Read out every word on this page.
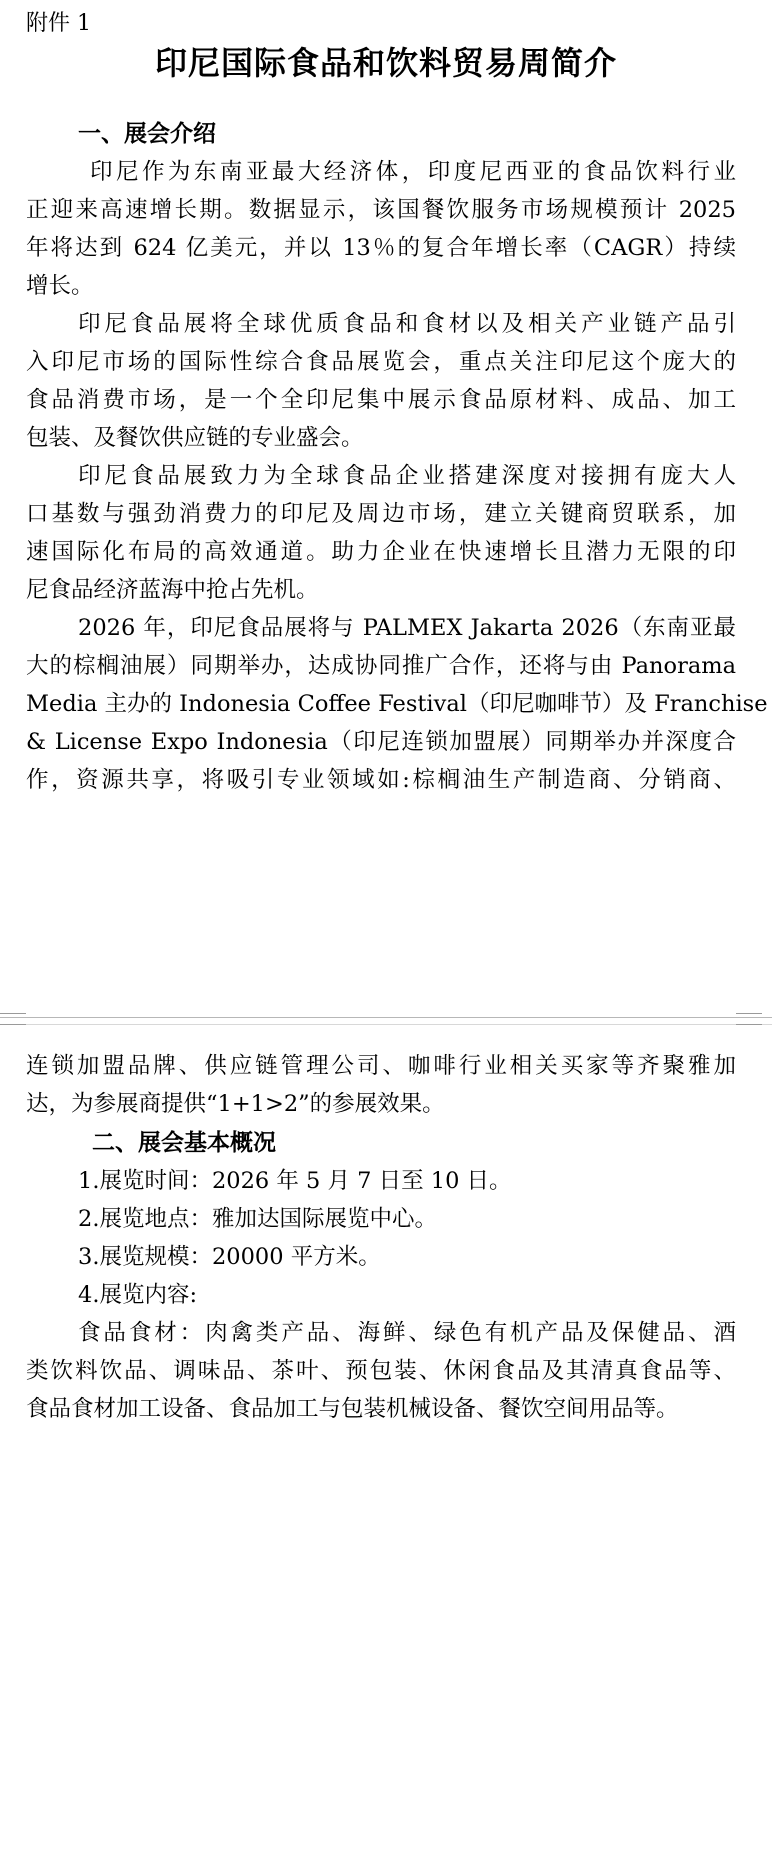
附件 1
印尼国际食品和饮料贸易周简介
一、展会介绍
印尼作为东南亚最大经济体，印度尼西亚的食品饮料行业
正迎来高速增长期。数据显示，该国餐饮服务市场规模预计 2025
年将达到 624 亿美元，并以 13％的复合年增长率（CAGR）持续
增长。
印尼食品展将全球优质食品和食材以及相关产业链产品引
入印尼市场的国际性综合食品展览会，重点关注印尼这个庞大的
食品消费市场，是一个全印尼集中展示食品原材料、成品、加工
包装、及餐饮供应链的专业盛会。
印尼食品展致力为全球食品企业搭建深度对接拥有庞大人
口基数与强劲消费力的印尼及周边市场，建立关键商贸联系，加
速国际化布局的高效通道。助力企业在快速增长且潜力无限的印
尼食品经济蓝海中抢占先机。
2026 年，印尼食品展将与 PALMEX Jakarta 2026（东南亚最
大的棕榈油展）同期举办，达成协同推广合作，还将与由 Panorama
Media 主办的 Indonesia Coffee Festival（印尼咖啡节）及 Franchise
& License Expo Indonesia（印尼连锁加盟展）同期举办并深度合
作，资源共享，将吸引专业领域如:棕榈油生产制造商、分销商、
连锁加盟品牌、供应链管理公司、咖啡行业相关买家等齐聚雅加
达，为参展商提供“1+1>2”的参展效果。
二、展会基本概况
1.展览时间：2026 年 5 月 7 日至 10 日。
2.展览地点：雅加达国际展览中心。
3.展览规模：20000 平方米。
4.展览内容:
食品食材：肉禽类产品、海鲜、绿色有机产品及保健品、酒
类饮料饮品、调味品、茶叶、预包装、休闲食品及其清真食品等、
食品食材加工设备、食品加工与包装机械设备、餐饮空间用品等。
